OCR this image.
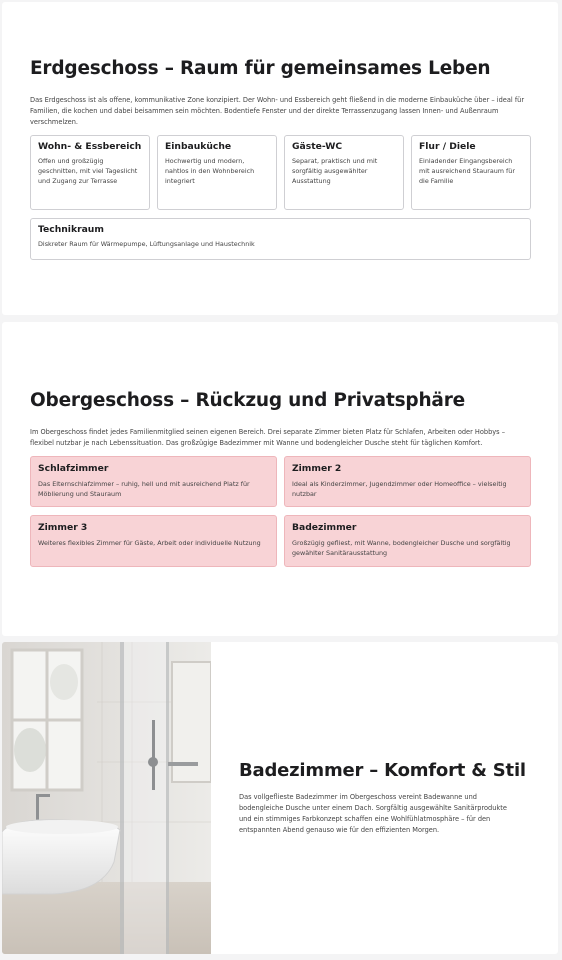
Erdgeschoss – Raum für gemeinsames Leben

Das Erdgeschoss ist als offene, kommunikative Zone konzipiert. Der Wohn- und Essbereich geht fließend in die moderne Einbauküche über – ideal für Familien, die kochen und dabei beisammen sein möchten. Bodentiefe Fenster und der direkte Terrassenzugang lassen Innen- und Außenraum verschmelzen.

Wohn- & Essbereich
Offen und großzügig geschnitten, mit viel Tageslicht und Zugang zur Terrasse
Einbauküche
Hochwertig und modern, nahtlos in den Wohnbereich integriert
Gäste-WC
Separat, praktisch und mit sorgfältig ausgewählter Ausstattung
Flur / Diele
Einladender Eingangsbereich mit ausreichend Stauraum für die Familie
Technikraum
Diskreter Raum für Wärmepumpe, Lüftungsanlage und Haustechnik
Obergeschoss – Rückzug und Privatsphäre

Im Obergeschoss findet jedes Familienmitglied seinen eigenen Bereich. Drei separate Zimmer bieten Platz für Schlafen, Arbeiten oder Hobbys – flexibel nutzbar je nach Lebenssituation. Das großzügige Badezimmer mit Wanne und bodengleicher Dusche steht für täglichen Komfort.

Schlafzimmer
Das Elternschlafzimmer – ruhig, hell und mit ausreichend Platz für Möblierung und Stauraum
Zimmer 2
Ideal als Kinderzimmer, Jugendzimmer oder Homeoffice – vielseitig nutzbar
Zimmer 3
Weiteres flexibles Zimmer für Gäste, Arbeit oder individuelle Nutzung
Badezimmer
Großzügig gefliest, mit Wanne, bodengleicher Dusche und sorgfältig gewählter Sanitärausstattung
Badezimmer – Komfort & Stil

Das vollgeflieste Badezimmer im Obergeschoss vereint Badewanne und bodengleiche Dusche unter einem Dach. Sorgfältig ausgewählte Sanitärprodukte und ein stimmiges Farbkonzept schaffen eine Wohlfühlatmosphäre – für den entspannten Abend genauso wie für den effizienten Morgen.
